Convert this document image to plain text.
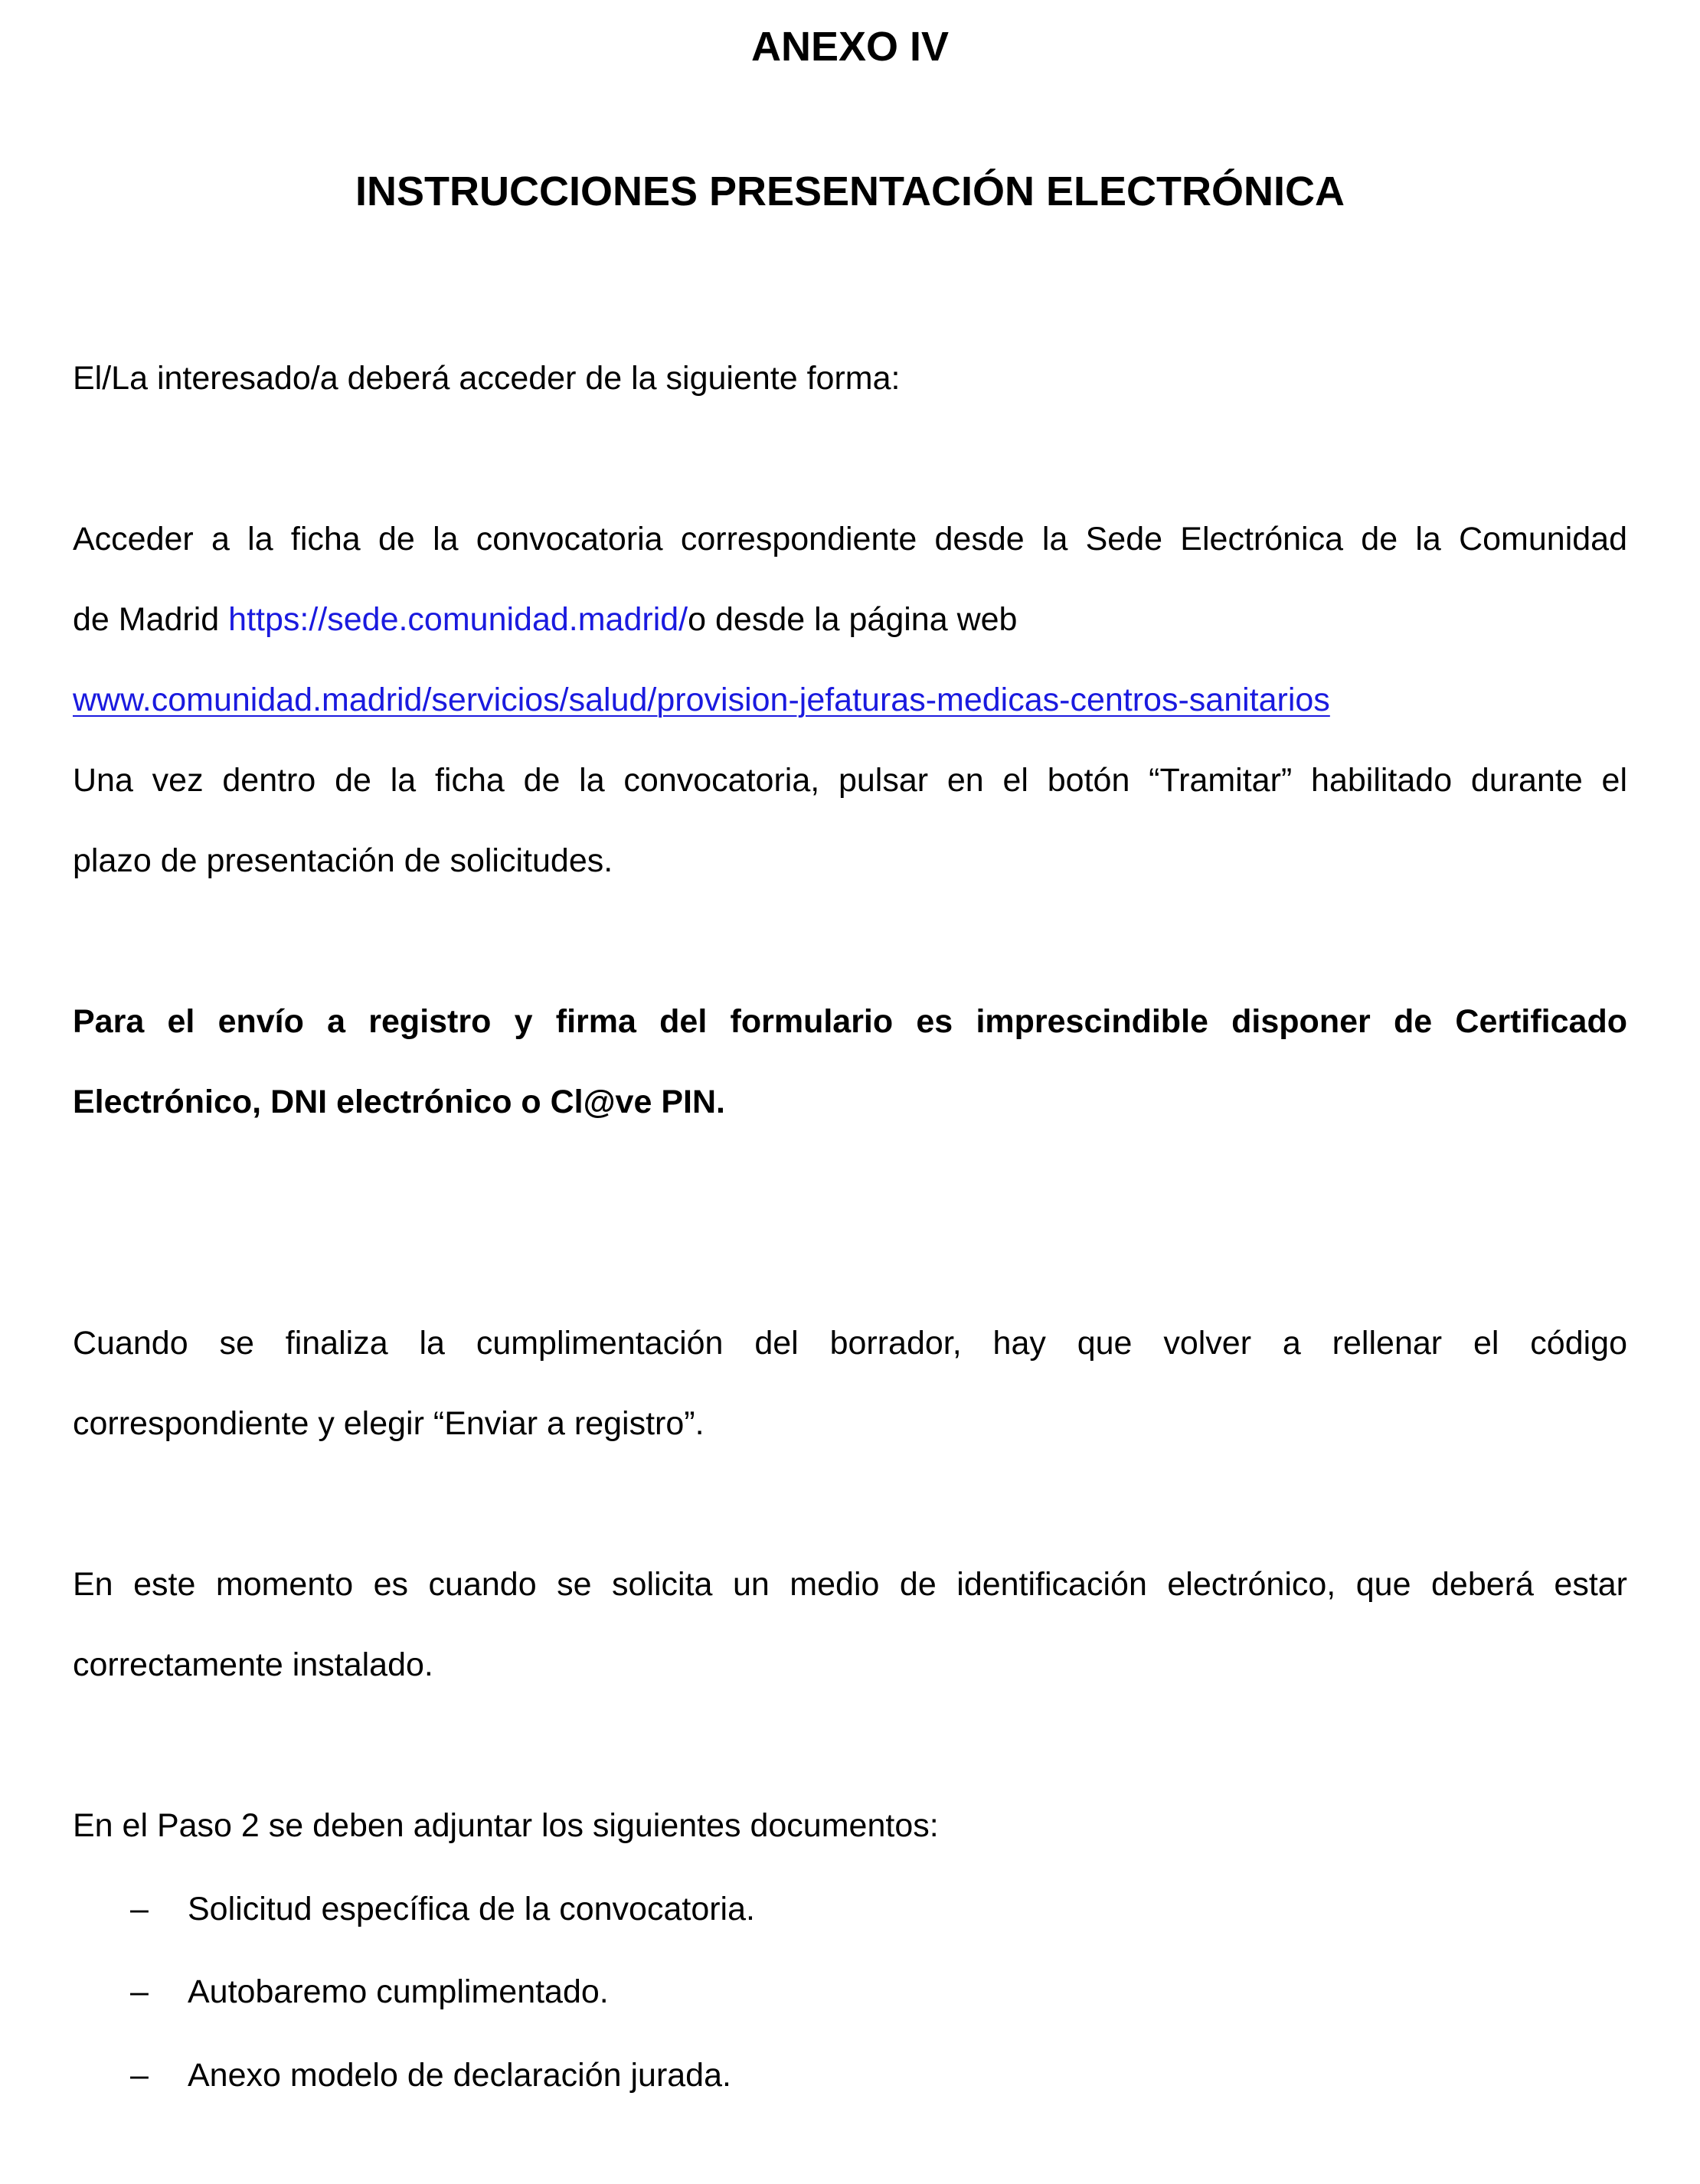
ANEXO IV
INSTRUCCIONES PRESENTACIÓN ELECTRÓNICA

El/La interesado/a deberá acceder de la siguiente forma:

Acceder a la ficha de la convocatoria correspondiente desde la Sede Electrónica de la Comunidad

de Madrid https://sede.comunidad.madrid/o desde la página web

www.comunidad.madrid/servicios/salud/provision-jefaturas-medicas-centros-sanitarios

Una vez dentro de la ficha de la convocatoria, pulsar en el botón “Tramitar” habilitado durante el

plazo de presentación de solicitudes.

Para el envío a registro y firma del formulario es imprescindible disponer de Certificado

Electrónico, DNI electrónico o Cl@ve PIN.

Cuando se finaliza la cumplimentación del borrador, hay que volver a rellenar el código

correspondiente y elegir “Enviar a registro”.

En este momento es cuando se solicita un medio de identificación electrónico, que deberá estar

correctamente instalado.

En el Paso 2 se deben adjuntar los siguientes documentos:

– Solicitud específica de la convocatoria.
– Autobaremo cumplimentado.
– Anexo modelo de declaración jurada.
